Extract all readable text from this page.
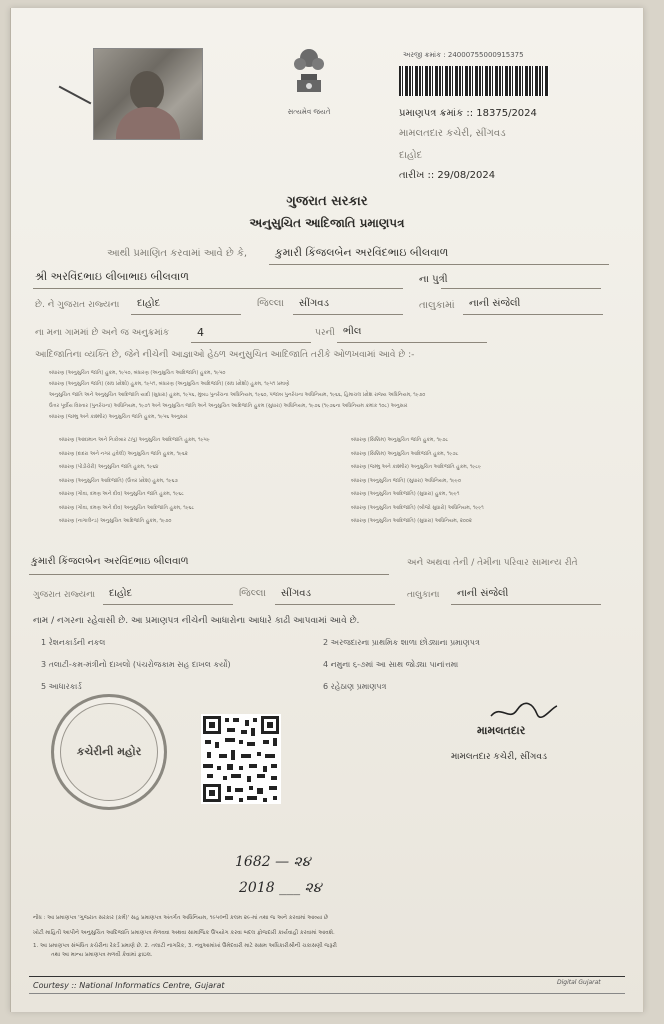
સત્યમેવ જયતે
અરજી ક્રમાંક : 24000755000915375
પ્રમાણપત્ર ક્રમાંક :: 18375/2024
મામલતદાર કચેરી, સીંગવડ
દાહોદ
તારીખ :: 29/08/2024
ગુજરાત સરકાર
અનુસુચિત આદિજાતિ પ્રમાણપત્ર
આથી પ્રમાણિત કરવામાં આવે છે કે,	કુમારી કિંજલબેન અરવિંદભાઇ બીલવાળ
શ્રી અરવિંદભાઇ લીબાભાઇ બીલવાળ	ના પુત્રી
છે. ને ગુજરાત રાજ્યના દાહોદ	જિલ્લા સીંગવડ	તાલુકામાં નાની સંજેલી
ના મના ગામમાં છે અને જ અનુક્રમાંક	4	પરની ભીલ
આદિજાતિના વ્યક્તિ છે, જેને નીચેની આજ્ઞાઓ હેઠળ અનુસુચિત આદિજાતિ તરીકે ઓળખવામાં આવે છે :-
બંધારણ (અનુસુચિત જાતિ) હુકમ, ૧૯૫૦, બંધારણ (અનુસુચિત આદિજાતિ) હુકમ, ૧૯૫૦
બંધારણ (અનુસુચિત જાતિ) (સંઘ પ્રદેશો) હુકમ, ૧૯૫૧, બંધારણ (અનુસુચિત આદિજાતિ) (સંઘ પ્રદેશો) હુકમ, ૧૯૫૧ પ્રમાણે
અનુસુચિત જાતિ અને અનુસુચિત આદિજાતિ યાદી (સુધારા) હુકમ, ૧૯૫૬, મુંબઇ પુનર્રચના અધિનિયમ, ૧૯૬૦, પંજાબ પુનર્રચના અધિનિયમ, ૧૯૬૬, હિમાચલ પ્રદેશ રાજ્ય અધિનિયમ, ૧૯૭૦
ઉત્તર પૂર્વીય વિસ્તાર (પુનર્રચના) અધિનિયમ, ૧૯૭૧ અને અનુસુચિત જાતિ અને અનુસુચિત આદિજાતિ હુકમ (સુધારા) અધિનિયમ, ૧૯૭૬ (૧૯૭૬ના અધિનિયમ ક્રમાંક ૧૦૮) અનુસાર
બંધારણ (જમ્મુ અને કાશ્મીર) અનુસુચિત જાતિ હુકમ, ૧૯૫૬ અનુસાર
બંધારણ (આંદામાન અને નિકોબાર ટાપુ) અનુસુચિત આદિજાતિ હુકમ, ૧૯૫૯
બંધારણ (દાદરા અને નગર હવેલી) અનુસુચિત જાતિ હુકમ, ૧૯૬૨
બંધારણ (પોંડીચેરી) અનુસુચિત જાતિ હુકમ, ૧૯૬૪
બંધારણ (અનુસુચિત આદિજાતિ) (ઉત્તર પ્રદેશ) હુકમ, ૧૯૬૭
બંધારણ (ગોવા, દમણ અને દીવ) અનુસુચિત જાતિ હુકમ, ૧૯૬૮
બંધારણ (ગોવા, દમણ અને દીવ) અનુસુચિત આદિજાતિ હુકમ, ૧૯૬૮
બંધારણ (નાગાલેન્ડ) અનુસુચિત આદિજાતિ હુકમ, ૧૯૭૦
બંધારણ (સિક્કિમ) અનુસુચિત જાતિ હુકમ, ૧૯૭૮
બંધારણ (સિક્કિમ) અનુસુચિત આદિજાતિ હુકમ, ૧૯૭૮
બંધારણ (જમ્મુ અને કાશ્મીર) અનુસુચિત આદિજાતિ હુકમ, ૧૯૮૯
બંધારણ (અનુસુચિત જાતિ) (સુધારા) અધિનિયમ, ૧૯૯૦
બંધારણ (અનુસુચિત આદિજાતિ) (સુધારા) હુકમ, ૧૯૯૧
બંધારણ (અનુસુચિત આદિજાતિ) (બીજો સુધારો) અધિનિયમ, ૧૯૯૧
બંધારણ (અનુસુચિત આદિજાતિ) (સુધારા) અધિનિયમ, ૨૦૦૨
કુમારી કિંજલબેન અરવિંદભાઇ બીલવાળ	અને અથવા તેની / તેમીના પરિવાર સામાન્ય રીતે
ગુજરાત રાજ્યના દાહોદ	જિલ્લા સીંગવડ	તાલુકાના નાની સંજેલી
નામ / નગરના રહેવાસી છે. આ પ્રમાણપત્ર નીચેની આધારોના આધારે કાઢી આપવામાં આવે છે.
1 રેશનકાર્ડની નકલ	2 અરજદારના પ્રાથમિક શાળા છોડ્યાના પ્રમાણપત્ર
3 તલાટી-કમ-મંત્રીનો દાખલો (પંચરોજકામ સહ દાખલ કર્યો)	4 નમુના ૬-૭માં આ સાથ જોડ્યા પાનાંત્તમા
5 આધારકાર્ડ	6 રહેઠાણ પ્રમાણપત્ર
કચેરીની મહોર
મામલતદાર
મામલતદાર કચેરી, સીંગવડ
1682 — ૨૪
2018 ___ ૨૪
નોંધ : આ પ્રમાણપત્ર 'ગુજરાત સરકાર (કર્મ)' સહ પ્રમાણપત્ર અંતર્ગત અધિનિયમ, ૧૯૫૦ની કલમ ૨૯-માં તથા જ અને કરવામાં આવ્યા છે
ખોટી માહિતી આપીને અનુસુચિત આદિજાતિ પ્રમાણપત્ર મેળવવા અથવા સામાજિક ઉપયોગ કરવા બદલ ફોજદારી કાર્યવાહી કરવામાં આવશે.
1. આ પ્રમાણપત્ર સંબંધિત કચેરીના રેકર્ડ પ્રમાણે છે. 2. તલાટી નાગરિક, 3. નવુઆમાંખાં ઉમેદવારી માટે સક્ષમ અધિકારીશ્રીની ચકાસણી જરૂરી
તથા આ માન્ય પ્રમાણપત્ર મળવી કેવામાં ફાઇલ.
Courtesy :: National Informatics Centre, Gujarat	Digital Gujarat
